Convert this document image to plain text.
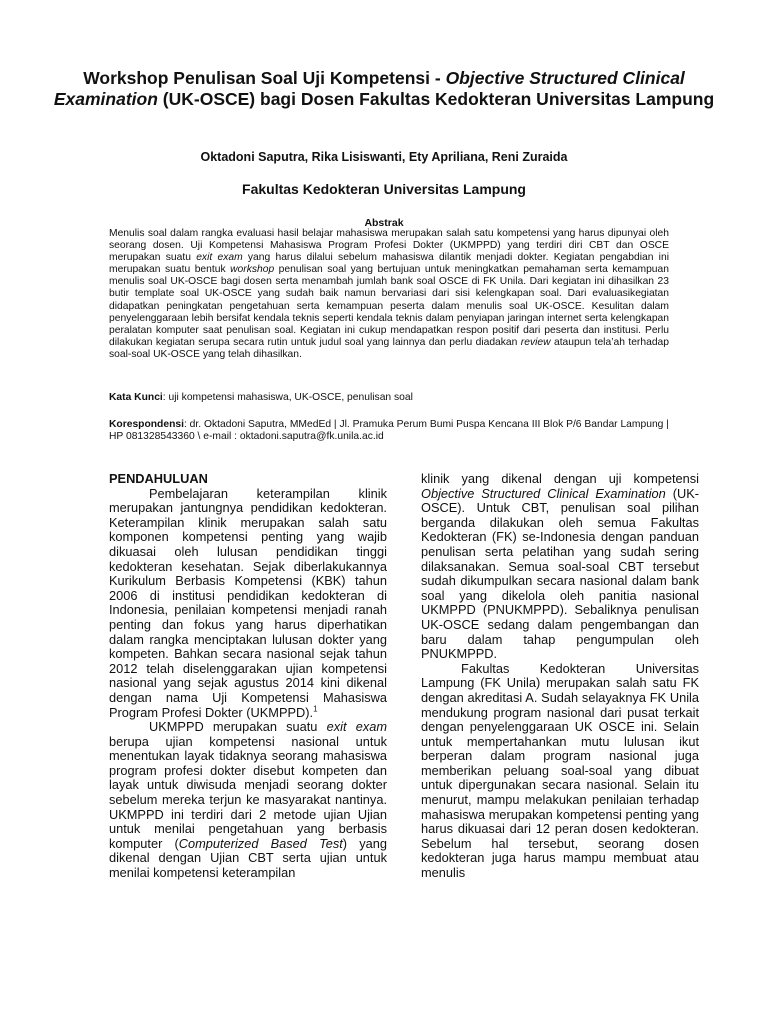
Workshop Penulisan Soal Uji Kompetensi - Objective Structured Clinical Examination (UK-OSCE) bagi Dosen Fakultas Kedokteran Universitas Lampung
Oktadoni Saputra, Rika Lisiswanti, Ety Apriliana, Reni Zuraida
Fakultas Kedokteran Universitas Lampung
Abstrak
Menulis soal dalam rangka evaluasi hasil belajar mahasiswa merupakan salah satu kompetensi yang harus dipunyai oleh seorang dosen. Uji Kompetensi Mahasiswa Program Profesi Dokter (UKMPPD) yang terdiri diri CBT dan OSCE merupakan suatu exit exam yang harus dilalui sebelum mahasiswa dilantik menjadi dokter. Kegiatan pengabdian ini merupakan suatu bentuk workshop penulisan soal yang bertujuan untuk meningkatkan pemahaman serta kemampuan menulis soal UK-OSCE bagi dosen serta menambah jumlah bank soal OSCE di FK Unila. Dari kegiatan ini dihasilkan 23 butir template soal UK-OSCE yang sudah baik namun bervariasi dari sisi kelengkapan soal. Dari evaluasikegiatan didapatkan peningkatan pengetahuan serta kemampuan peserta dalam menulis soal UK-OSCE. Kesulitan dalam penyelenggaraan lebih bersifat kendala teknis seperti kendala teknis dalam penyiapan jaringan internet serta kelengkapan peralatan komputer saat penulisan soal. Kegiatan ini cukup mendapatkan respon positif dari peserta dan institusi. Perlu dilakukan kegiatan serupa secara rutin untuk judul soal yang lainnya dan perlu diadakan review ataupun tela’ah terhadap soal-soal UK-OSCE yang telah dihasilkan.
Kata Kunci: uji kompetensi mahasiswa, UK-OSCE, penulisan soal
Korespondensi: dr. Oktadoni Saputra, MMedEd | Jl. Pramuka Perum Bumi Puspa Kencana III Blok P/6 Bandar Lampung | HP 081328543360 \ e-mail : oktadoni.saputra@fk.unila.ac.id

PENDAHULUAN

Pembelajaran keterampilan klinik merupakan jantungnya pendidikan kedokteran. Keterampilan klinik merupakan salah satu komponen kompetensi penting yang wajib dikuasai oleh lulusan pendidikan tinggi kedokteran kesehatan. Sejak diberlakukannya Kurikulum Berbasis Kompetensi (KBK) tahun 2006 di institusi pendidikan kedokteran di Indonesia, penilaian kompetensi menjadi ranah penting dan fokus yang harus diperhatikan dalam rangka menciptakan lulusan dokter yang kompeten. Bahkan secara nasional sejak tahun 2012 telah diselenggarakan ujian kompetensi nasional yang sejak agustus 2014 kini dikenal dengan nama Uji Kompetensi Mahasiswa Program Profesi Dokter (UKMPPD).$^1$

UKMPPD merupakan suatu exit exam berupa ujian kompetensi nasional untuk menentukan layak tidaknya seorang mahasiswa program profesi dokter disebut kompeten dan layak untuk diwisuda menjadi seorang dokter sebelum mereka terjun ke masyarakat nantinya. UKMPPD ini terdiri dari 2 metode ujian Ujian untuk menilai pengetahuan yang berbasis komputer (Computerized Based Test) yang dikenal dengan Ujian CBT serta ujian untuk menilai kompetensi keterampilan

klinik yang dikenal dengan uji kompetensi Objective Structured Clinical Examination (UK-OSCE). Untuk CBT, penulisan soal pilihan berganda dilakukan oleh semua Fakultas Kedokteran (FK) se-Indonesia dengan panduan penulisan serta pelatihan yang sudah sering dilaksanakan. Semua soal-soal CBT tersebut sudah dikumpulkan secara nasional dalam bank soal yang dikelola oleh panitia nasional UKMPPD (PNUKMPPD). Sebaliknya penulisan UK-OSCE sedang dalam pengembangan dan baru dalam tahap pengumpulan oleh PNUKMPPD.

Fakultas Kedokteran Universitas Lampung (FK Unila) merupakan salah satu FK dengan akreditasi A. Sudah selayaknya FK Unila mendukung program nasional dari pusat terkait dengan penyelenggaraan UK OSCE ini. Selain untuk mempertahankan mutu lulusan ikut berperan dalam program nasional juga memberikan peluang soal-soal yang dibuat untuk dipergunakan secara nasional. Selain itu menurut, mampu melakukan penilaian terhadap mahasiswa merupakan kompetensi penting yang harus dikuasai dari 12 peran dosen kedokteran. Sebelum hal tersebut, seorang dosen kedokteran juga harus mampu membuat atau menulis
